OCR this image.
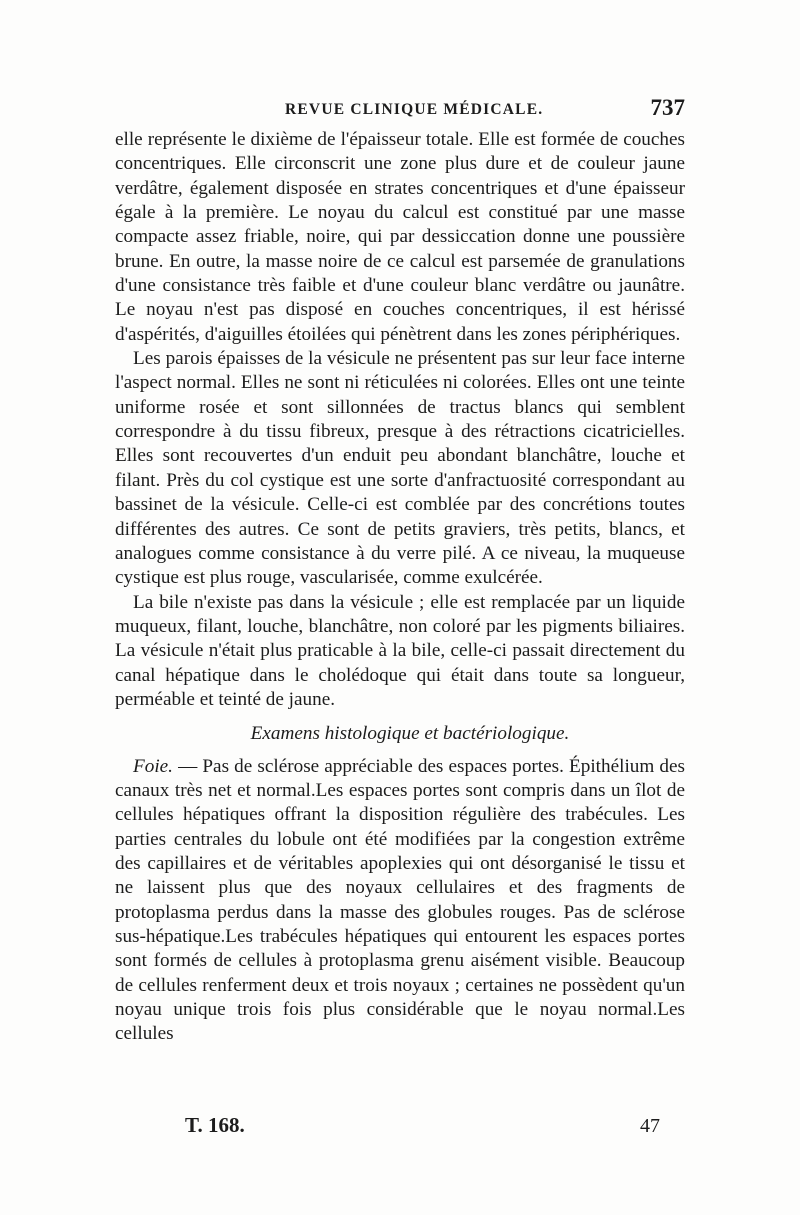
REVUE CLINIQUE MÉDICALE.	737

elle représente le dixième de l'épaisseur totale. Elle est formée de couches concentriques. Elle circonscrit une zone plus dure et de couleur jaune verdâtre, également disposée en strates concentriques et d'une épaisseur égale à la première. Le noyau du calcul est constitué par une masse compacte assez friable, noire, qui par dessiccation donne une poussière brune. En outre, la masse noire de ce calcul est parsemée de granulations d'une consistance très faible et d'une couleur blanc verdâtre ou jaunâtre. Le noyau n'est pas disposé en couches concentriques, il est hérissé d'aspérités, d'aiguilles étoilées qui pénètrent dans les zones périphériques.

Les parois épaisses de la vésicule ne présentent pas sur leur face interne l'aspect normal. Elles ne sont ni réticulées ni colorées. Elles ont une teinte uniforme rosée et sont sillonnées de tractus blancs qui semblent correspondre à du tissu fibreux, presque à des rétractions cicatricielles. Elles sont recouvertes d'un enduit peu abondant blanchâtre, louche et filant. Près du col cystique est une sorte d'anfractuosité correspondant au bassinet de la vésicule. Celle-ci est comblée par des concrétions toutes différentes des autres. Ce sont de petits graviers, très petits, blancs, et analogues comme consistance à du verre pilé. A ce niveau, la muqueuse cystique est plus rouge, vascularisée, comme exulcérée.

La bile n'existe pas dans la vésicule ; elle est remplacée par un liquide muqueux, filant, louche, blanchâtre, non coloré par les pigments biliaires. La vésicule n'était plus praticable à la bile, celle-ci passait directement du canal hépatique dans le cholédoque qui était dans toute sa longueur, perméable et teinté de jaune.

Examens histologique et bactériologique.

Foie. — Pas de sclérose appréciable des espaces portes. Épithélium des canaux très net et normal.Les espaces portes sont compris dans un îlot de cellules hépatiques offrant la disposition régulière des trabécules. Les parties centrales du lobule ont été modifiées par la congestion extrême des capillaires et de véritables apoplexies qui ont désorganisé le tissu et ne laissent plus que des noyaux cellulaires et des fragments de protoplasma perdus dans la masse des globules rouges. Pas de sclérose sus-hépatique.Les trabécules hépatiques qui entourent les espaces portes sont formés de cellules à protoplasma grenu aisément visible. Beaucoup de cellules renferment deux et trois noyaux ; certaines ne possèdent qu'un noyau unique trois fois plus considérable que le noyau normal.Les cellules

T. 168.	47
